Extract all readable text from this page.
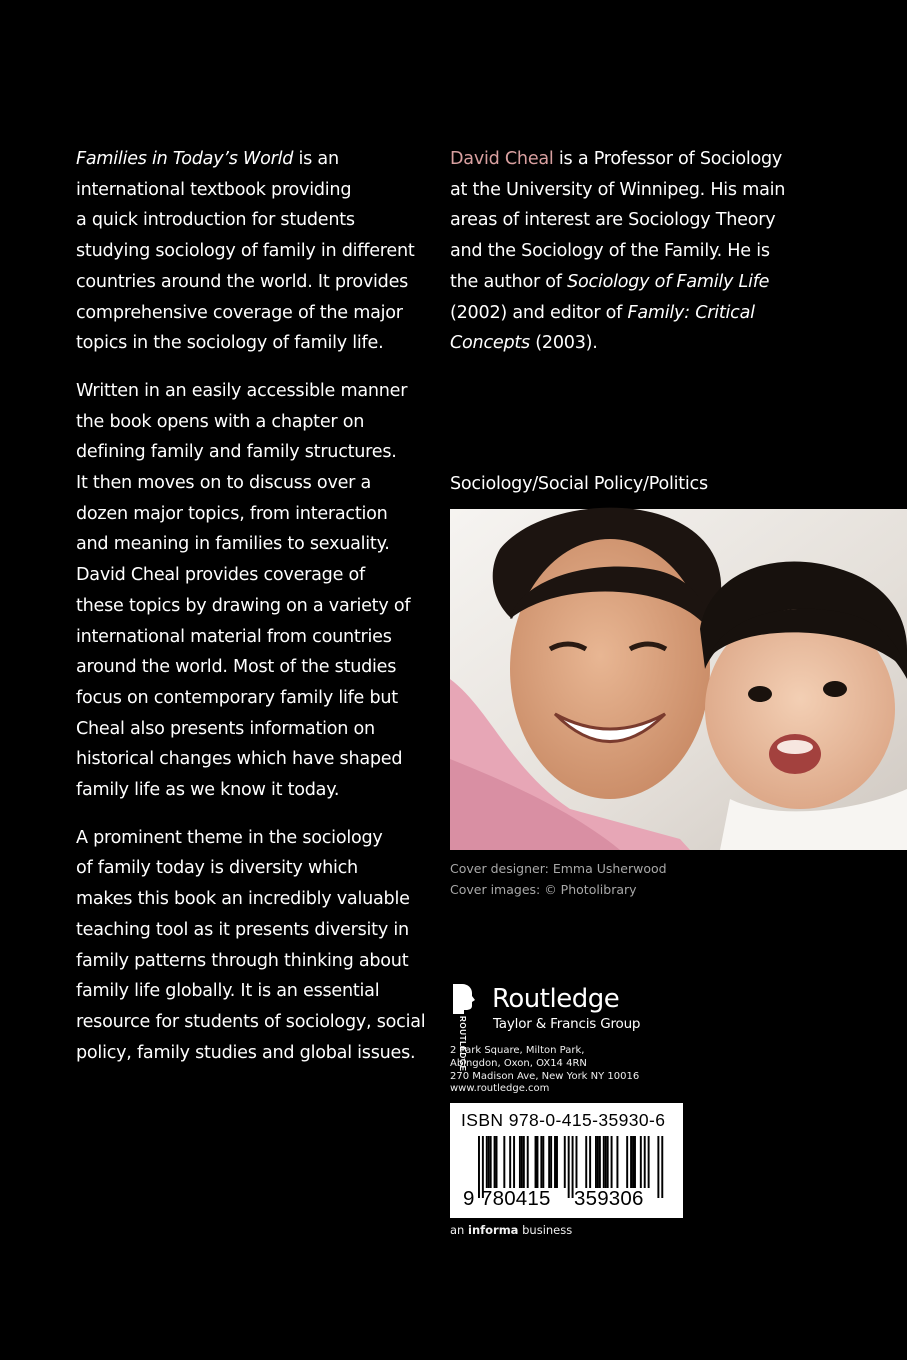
Families in Today’s World is an
international textbook providing
a quick introduction for students
studying sociology of family in different
countries around the world. It provides
comprehensive coverage of the major
topics in the sociology of family life.

Written in an easily accessible manner
the book opens with a chapter on
defining family and family structures.
It then moves on to discuss over a
dozen major topics, from interaction
and meaning in families to sexuality.
David Cheal provides coverage of
these topics by drawing on a variety of
international material from countries
around the world. Most of the studies
focus on contemporary family life but
Cheal also presents information on
historical changes which have shaped
family life as we know it today.

A prominent theme in the sociology
of family today is diversity which
makes this book an incredibly valuable
teaching tool as it presents diversity in
family patterns through thinking about
family life globally. It is an essential
resource for students of sociology, social
policy, family studies and global issues.

David Cheal is a Professor of Sociology
at the University of Winnipeg. His main
areas of interest are Sociology Theory
and the Sociology of the Family. He is
the author of Sociology of Family Life
(2002) and editor of Family: Critical
Concepts (2003).
Sociology/Social Policy/Politics
Cover designer: Emma Usherwood
Cover images: © Photolibrary
ROUTLEDGE
Routledge
Taylor & Francis Group
2 Park Square, Milton Park,
Abingdon, Oxon, OX14 4RN
270 Madison Ave, New York NY 10016
www.routledge.com
ISBN 978-0-415-35930-6
9 780415 359306
an informa business
